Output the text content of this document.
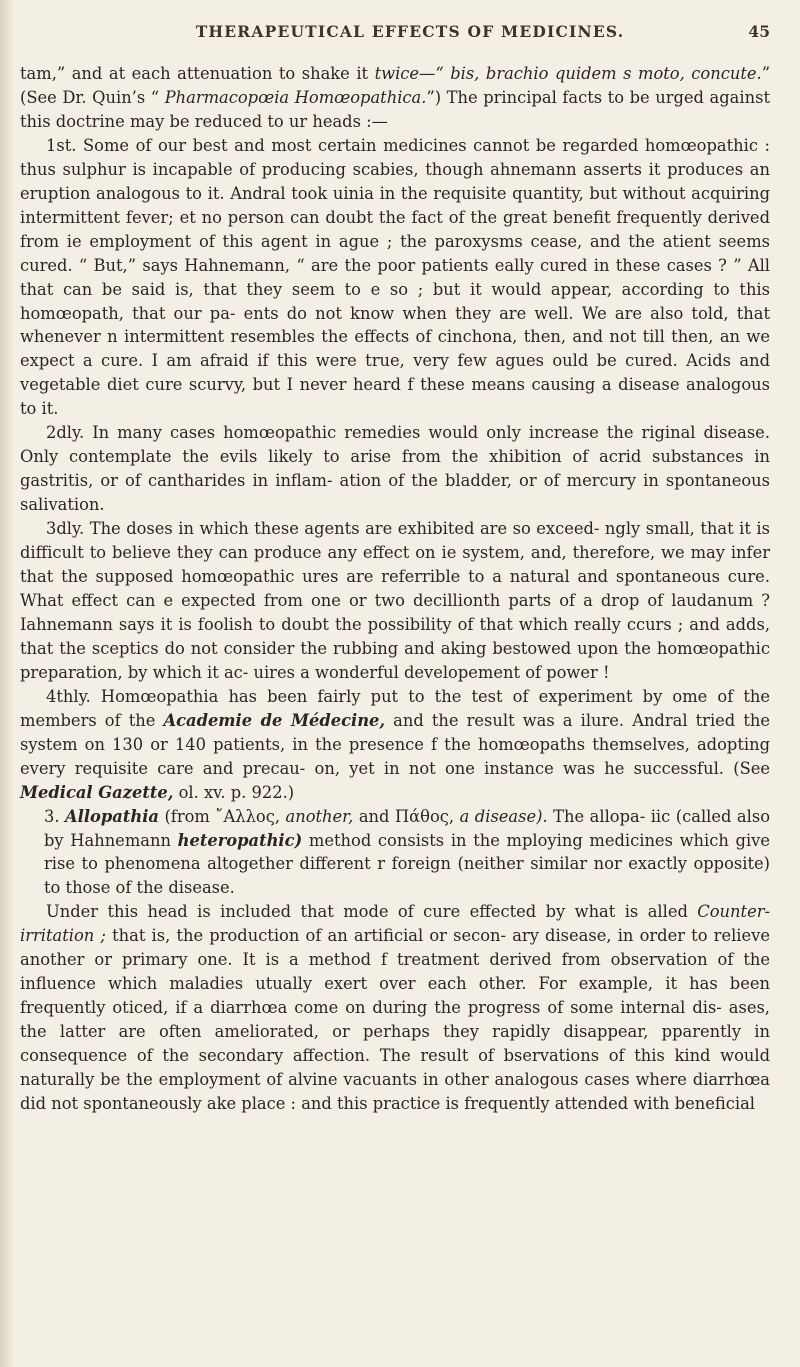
THERAPEUTICAL EFFECTS OF MEDICINES.	45

tam,” and at each attenuation to shake it twice—“ bis, brachio quidem s moto, concute.” (See Dr. Quin’s “ Pharmacopœia Homœopathica.”) The principal facts to be urged against this doctrine may be reduced to ur heads :—

1st. Some of our best and most certain medicines cannot be regarded homœopathic : thus sulphur is incapable of producing scabies, though ahnemann asserts it produces an eruption analogous to it. Andral took uinia in the requisite quantity, but without acquiring intermittent fever; et no person can doubt the fact of the great benefit frequently derived from ie employment of this agent in ague ; the paroxysms cease, and the atient seems cured. “ But,” says Hahnemann, “ are the poor patients eally cured in these cases ? ” All that can be said is, that they seem to e so ; but it would appear, according to this homœopath, that our pa- ents do not know when they are well. We are also told, that whenever n intermittent resembles the effects of cinchona, then, and not till then, an we expect a cure. I am afraid if this were true, very few agues ould be cured. Acids and vegetable diet cure scurvy, but I never heard f these means causing a disease analogous to it.

2dly. In many cases homœopathic remedies would only increase the riginal disease. Only contemplate the evils likely to arise from the xhibition of acrid substances in gastritis, or of cantharides in inflam- ation of the bladder, or of mercury in spontaneous salivation.

3dly. The doses in which these agents are exhibited are so exceed- ngly small, that it is difficult to believe they can produce any effect on ie system, and, therefore, we may infer that the supposed homœopathic ures are referrible to a natural and spontaneous cure. What effect can e expected from one or two decillionth parts of a drop of laudanum ? Iahnemann says it is foolish to doubt the possibility of that which really ccurs ; and adds, that the sceptics do not consider the rubbing and aking bestowed upon the homœopathic preparation, by which it ac- uires a wonderful developement of power !

4thly. Homœopathia has been fairly put to the test of experiment by ome of the members of the Academie de Médecine, and the result was a ilure. Andral tried the system on 130 or 140 patients, in the presence f the homœopaths themselves, adopting every requisite care and precau- on, yet in not one instance was he successful. (See Medical Gazette, ol. xv. p. 922.)

3. Allopathia (from ῎Αλλος, another, and Πάθος, a disease). The allopa- iic (called also by Hahnemann heteropathic) method consists in the mploying medicines which give rise to phenomena altogether different r foreign (neither similar nor exactly opposite) to those of the disease.

Under this head is included that mode of cure effected by what is alled Counter-irritation ; that is, the production of an artificial or secon- ary disease, in order to relieve another or primary one. It is a method f treatment derived from observation of the influence which maladies utually exert over each other. For example, it has been frequently oticed, if a diarrhœa come on during the progress of some internal dis- ases, the latter are often ameliorated, or perhaps they rapidly disappear, pparently in consequence of the secondary affection. The result of bservations of this kind would naturally be the employment of alvine vacuants in other analogous cases where diarrhœa did not spontaneously ake place : and this practice is frequently attended with beneficial
